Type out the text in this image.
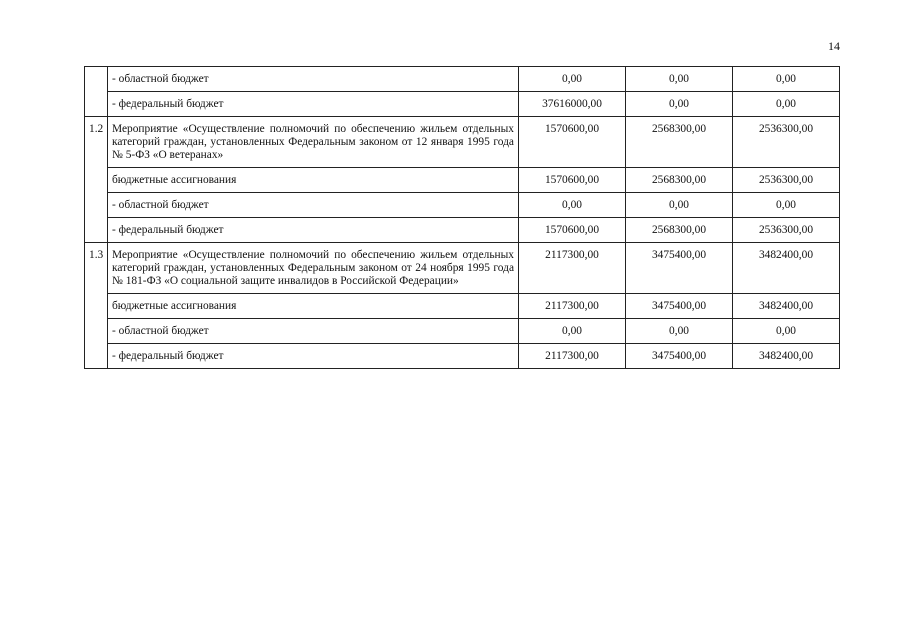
14
	- областной бюджет	0,00	0,00	0,00
	- федеральный бюджет	37616000,00	0,00	0,00
1.2	Мероприятие «Осуществление полномочий по обеспечению жильем отдельных категорий граждан, установленных Федеральным законом от 12 января 1995 года № 5-ФЗ «О ветеранах»	1570600,00	2568300,00	2536300,00
	бюджетные ассигнования	1570600,00	2568300,00	2536300,00
	- областной бюджет	0,00	0,00	0,00
	- федеральный бюджет	1570600,00	2568300,00	2536300,00
1.3	Мероприятие «Осуществление полномочий по обеспечению жильем отдельных категорий граждан, установленных Федеральным законом от 24 ноября 1995 года № 181-ФЗ «О социальной защите инвалидов в Российской Федерации»	2117300,00	3475400,00	3482400,00
	бюджетные ассигнования	2117300,00	3475400,00	3482400,00
	- областной бюджет	0,00	0,00	0,00
	- федеральный бюджет	2117300,00	3475400,00	3482400,00
